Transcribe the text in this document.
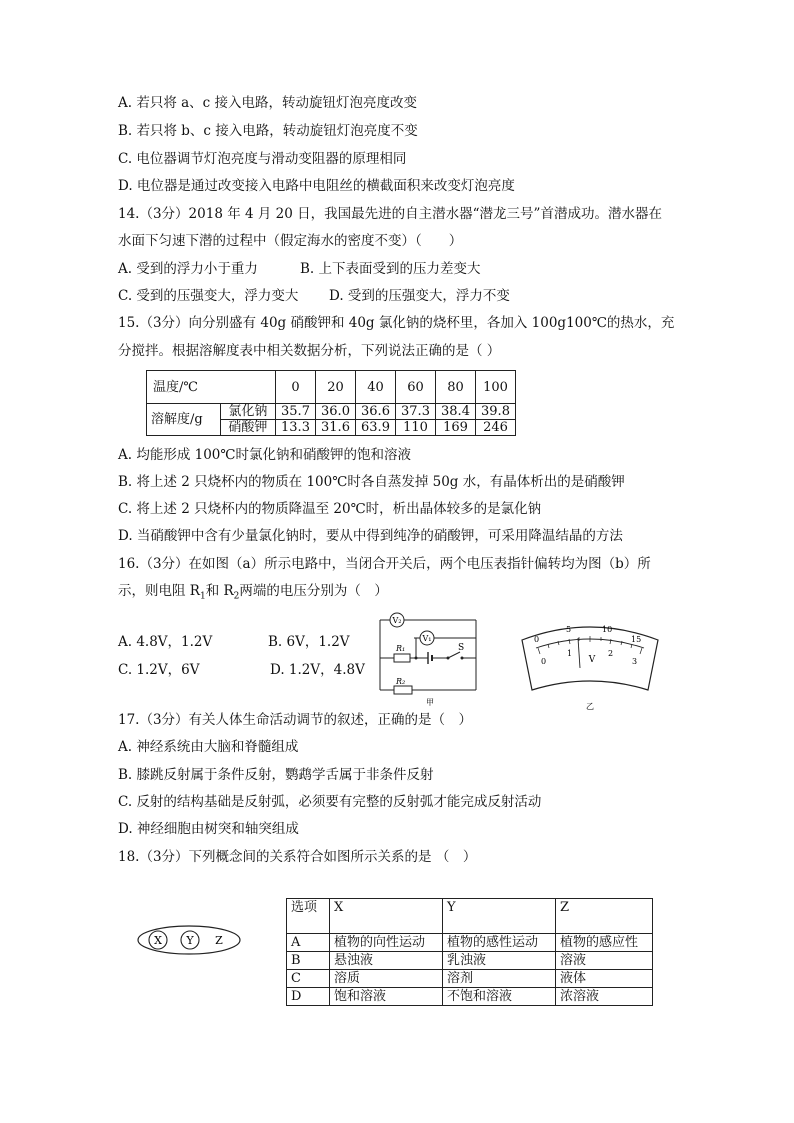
A. 若只将 a、c 接入电路，转动旋钮灯泡亮度改变
B. 若只将 b、c 接入电路，转动旋钮灯泡亮度不变
C. 电位器调节灯泡亮度与滑动变阻器的原理相同
D. 电位器是通过改变接入电路中电阻丝的横截面积来改变灯泡亮度
14.（3分）2018 年 4 月 20 日，我国最先进的自主潜水器“潜龙三号”首潜成功。潜水器在
水面下匀速下潜的过程中（假定海水的密度不变）（　　）
A. 受到的浮力小于重力	B. 上下表面受到的压力差变大
C. 受到的压强变大，浮力变大 D. 受到的压强变大，浮力不变
15.（3分）向分别盛有 40g 硝酸钾和 40g 氯化钠的烧杯里，各加入 100g100℃的热水，充
分搅拌。根据溶解度表中相关数据分析，下列说法正确的是（ ）
温度/℃		0	20	40	60	80	100
溶解度/g	氯化钠	35.7	36.0	36.6	37.3	38.4	39.8
	硝酸钾	13.3	31.6	63.9	110	169	246
A. 均能形成 100℃时氯化钠和硝酸钾的饱和溶液
B. 将上述 2 只烧杯内的物质在 100℃时各自蒸发掉 50g 水，有晶体析出的是硝酸钾
C. 将上述 2 只烧杯内的物质降温至 20℃时，析出晶体较多的是氯化钠
D. 当硝酸钾中含有少量氯化钠时，要从中得到纯净的硝酸钾，可采用降温结晶的方法
16.（3分）在如图（a）所示电路中，当闭合开关后，两个电压表指针偏转均为图（b）所
示，则电阻 $R_1$和 $R_2$两端的电压分别为（　）
A. 4.8V，1.2V	B. 6V，1.2V
C. 1.2V，6V	D. 1.2V，4.8V
V₂
V₁
R₁
R₂
S
甲
0
5	10
15
0
1	2
3
V
乙
17.（3分）有关人体生命活动调节的叙述，正确的是（　）
A. 神经系统由大脑和脊髓组成
B. 膝跳反射属于条件反射，鹦鹉学舌属于非条件反射
C. 反射的结构基础是反射弧，必须要有完整的反射弧才能完成反射活动
D. 神经细胞由树突和轴突组成
18.（3分）下列概念间的关系符合如图所示关系的是 （　）
X Y Z
选项	X	Y	Z
A	植物的向性运动	植物的感性运动	植物的感应性
B	悬浊液	乳浊液	溶液
C	溶质	溶剂	液体
D	饱和溶液	不饱和溶液	浓溶液
